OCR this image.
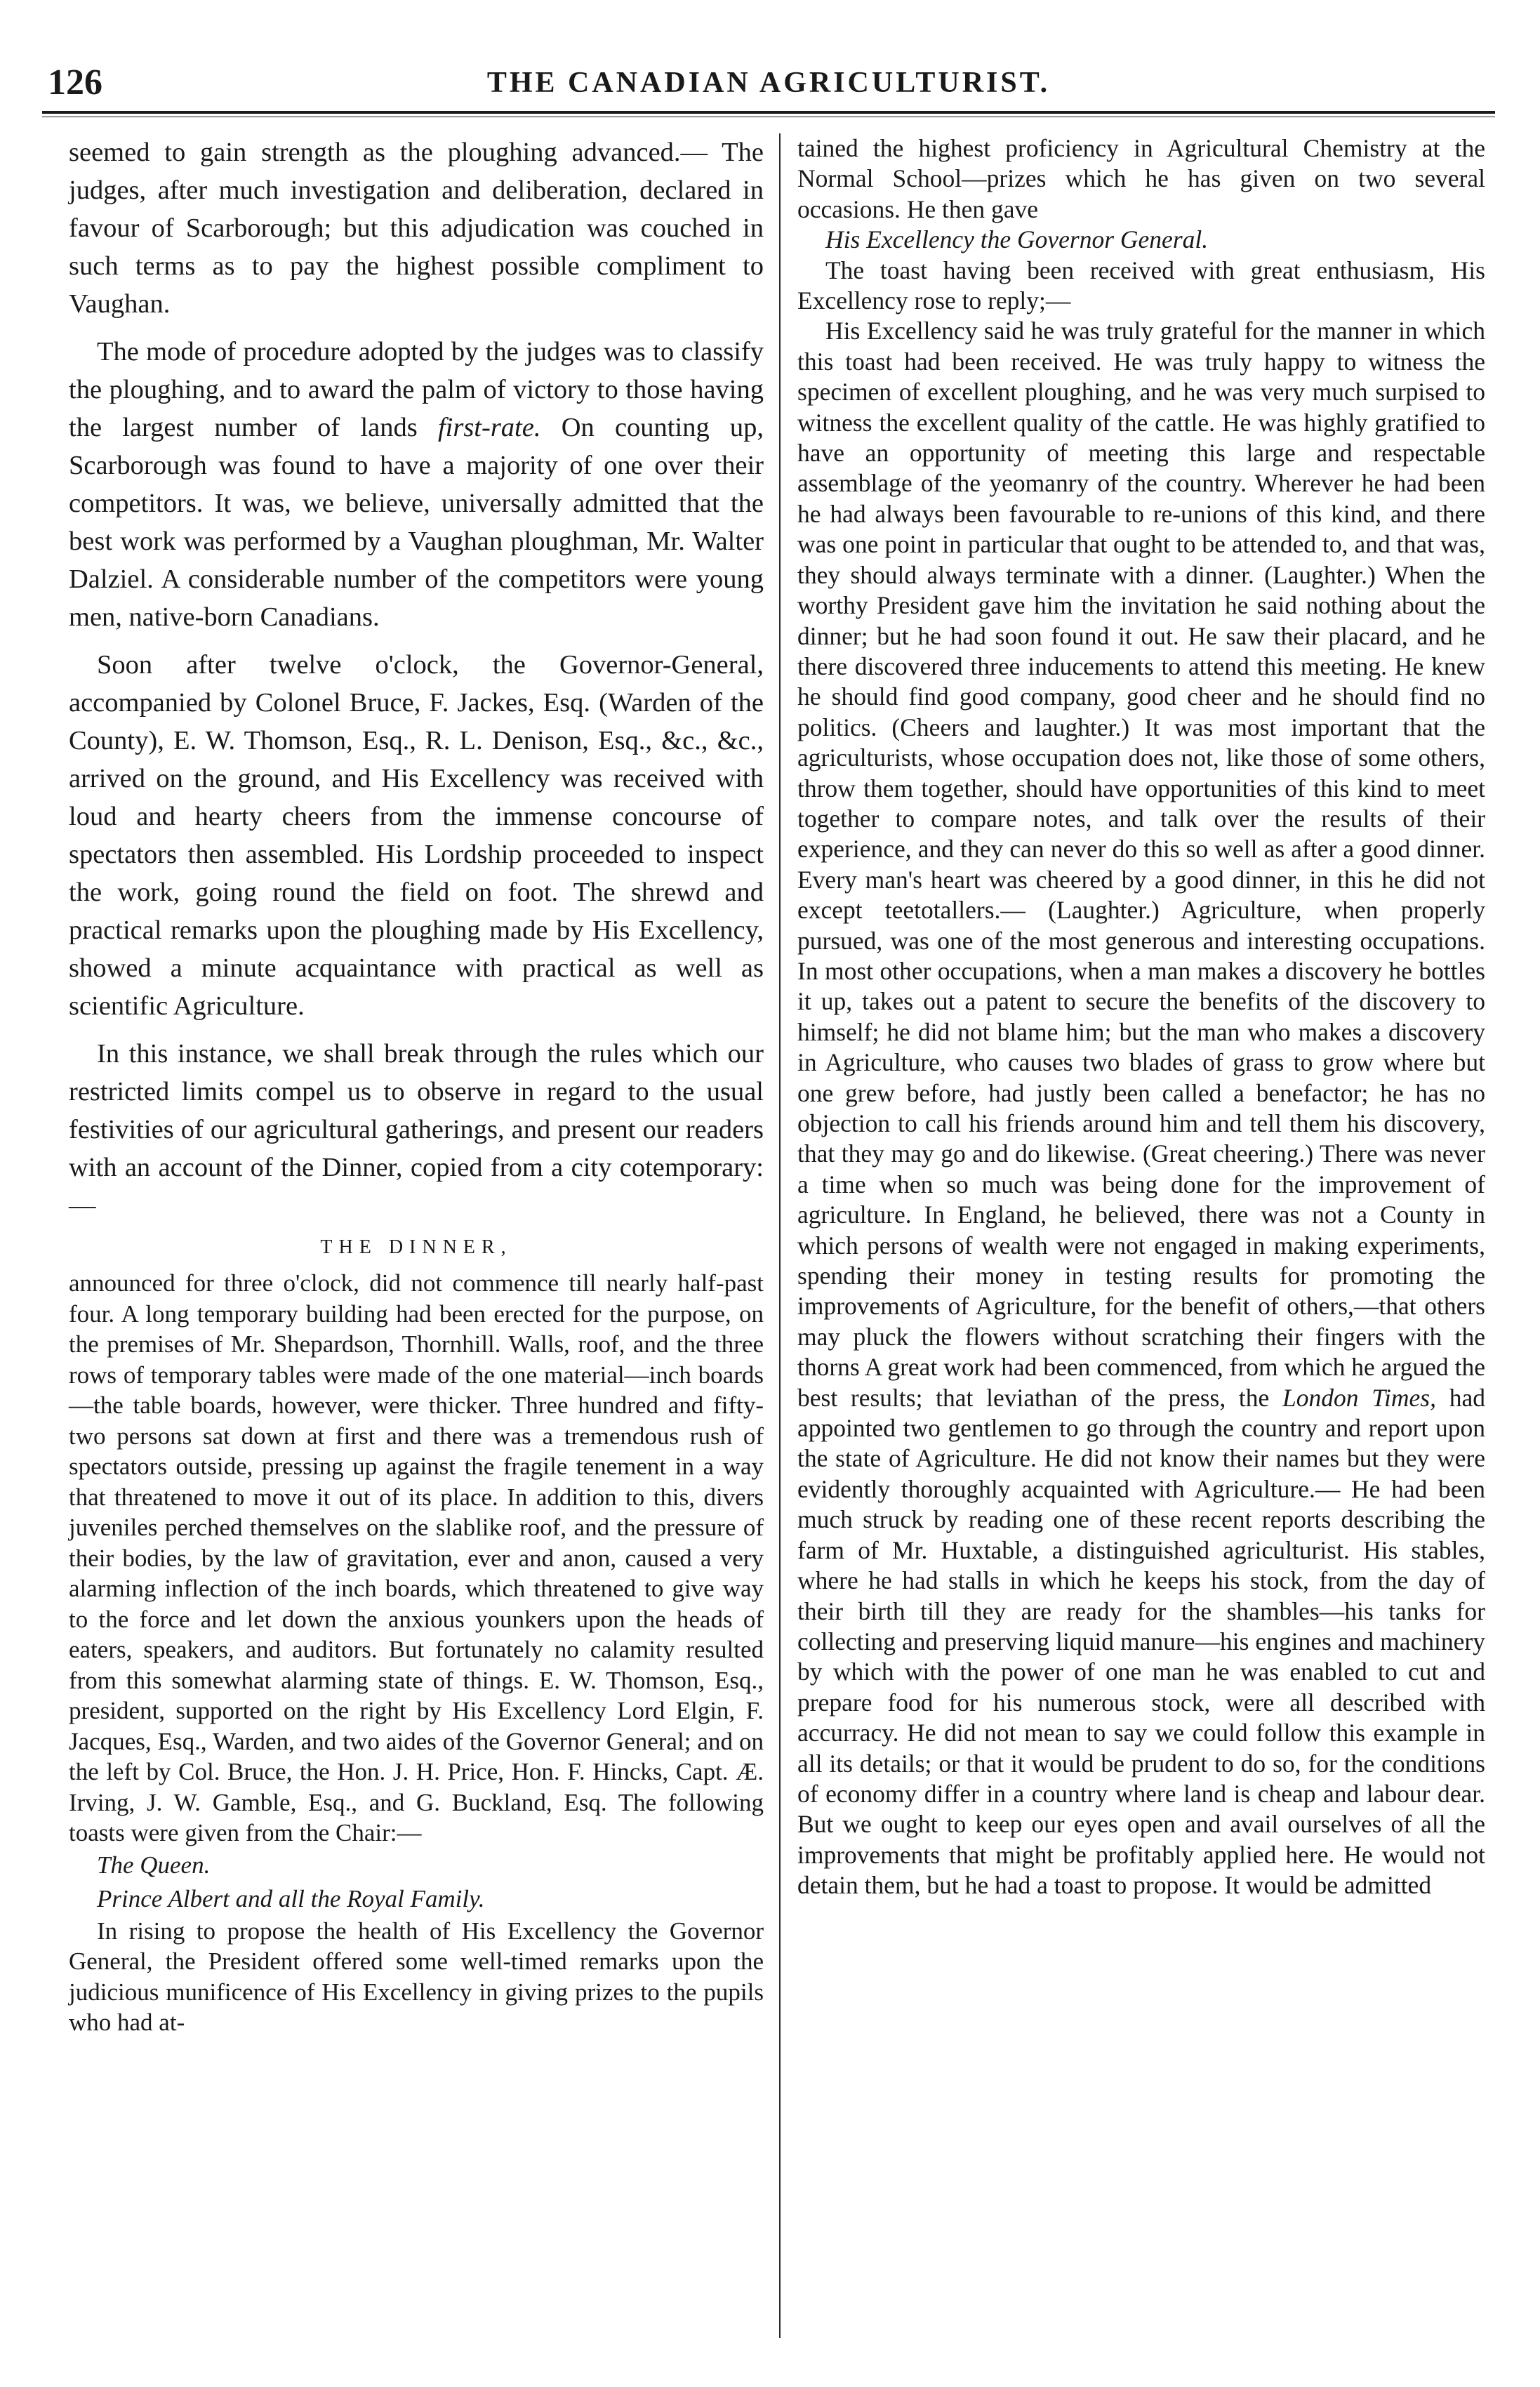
126	THE CANADIAN AGRICULTURIST.

seemed to gain strength as the ploughing advanced.— The judges, after much investigation and deliberation, declared in favour of Scarborough; but this adjudication was couched in such terms as to pay the highest possible compliment to Vaughan.

The mode of procedure adopted by the judges was to classify the ploughing, and to award the palm of victory to those having the largest number of lands first-rate. On counting up, Scarborough was found to have a majority of one over their competitors. It was, we believe, universally admitted that the best work was performed by a Vaughan ploughman, Mr. Walter Dalziel. A considerable number of the competitors were young men, native-born Canadians.

Soon after twelve o'clock, the Governor-General, accompanied by Colonel Bruce, F. Jackes, Esq. (Warden of the County), E. W. Thomson, Esq., R. L. Denison, Esq., &c., &c., arrived on the ground, and His Excellency was received with loud and hearty cheers from the immense concourse of spectators then assembled. His Lordship proceeded to inspect the work, going round the field on foot. The shrewd and practical remarks upon the ploughing made by His Excellency, showed a minute acquaintance with practical as well as scientific Agriculture.

In this instance, we shall break through the rules which our restricted limits compel us to observe in regard to the usual festivities of our agricultural gatherings, and present our readers with an account of the Dinner, copied from a city cotemporary:—

THE DINNER,

announced for three o'clock, did not commence till nearly half-past four. A long temporary building had been erected for the purpose, on the premises of Mr. Shepardson, Thornhill. Walls, roof, and the three rows of temporary tables were made of the one material—inch boards—the table boards, however, were thicker. Three hundred and fifty-two persons sat down at first and there was a tremendous rush of spectators outside, pressing up against the fragile tenement in a way that threatened to move it out of its place. In addition to this, divers juveniles perched themselves on the slablike roof, and the pressure of their bodies, by the law of gravitation, ever and anon, caused a very alarming inflection of the inch boards, which threatened to give way to the force and let down the anxious younkers upon the heads of eaters, speakers, and auditors. But fortunately no calamity resulted from this somewhat alarming state of things. E. W. Thomson, Esq., president, supported on the right by His Excellency Lord Elgin, F. Jacques, Esq., Warden, and two aides of the Governor General; and on the left by Col. Bruce, the Hon. J. H. Price, Hon. F. Hincks, Capt. Æ. Irving, J. W. Gamble, Esq., and G. Buckland, Esq. The following toasts were given from the Chair:—

The Queen.

Prince Albert and all the Royal Family.

In rising to propose the health of His Excellency the Governor General, the President offered some well-timed remarks upon the judicious munificence of His Excellency in giving prizes to the pupils who had at-

tained the highest proficiency in Agricultural Chemistry at the Normal School—prizes which he has given on two several occasions. He then gave

His Excellency the Governor General.

The toast having been received with great enthusiasm, His Excellency rose to reply;—

His Excellency said he was truly grateful for the manner in which this toast had been received. He was truly happy to witness the specimen of excellent ploughing, and he was very much surpised to witness the excellent quality of the cattle. He was highly gratified to have an opportunity of meeting this large and respectable assemblage of the yeomanry of the country. Wherever he had been he had always been favourable to re-unions of this kind, and there was one point in particular that ought to be attended to, and that was, they should always terminate with a dinner. (Laughter.) When the worthy President gave him the invitation he said nothing about the dinner; but he had soon found it out. He saw their placard, and he there discovered three inducements to attend this meeting. He knew he should find good company, good cheer and he should find no politics. (Cheers and laughter.) It was most important that the agriculturists, whose occupation does not, like those of some others, throw them together, should have opportunities of this kind to meet together to compare notes, and talk over the results of their experience, and they can never do this so well as after a good dinner. Every man's heart was cheered by a good dinner, in this he did not except teetotallers.— (Laughter.) Agriculture, when properly pursued, was one of the most generous and interesting occupations. In most other occupations, when a man makes a discovery he bottles it up, takes out a patent to secure the benefits of the discovery to himself; he did not blame him; but the man who makes a discovery in Agriculture, who causes two blades of grass to grow where but one grew before, had justly been called a benefactor; he has no objection to call his friends around him and tell them his discovery, that they may go and do likewise. (Great cheering.) There was never a time when so much was being done for the improvement of agriculture. In England, he believed, there was not a County in which persons of wealth were not engaged in making experiments, spending their money in testing results for promoting the improvements of Agriculture, for the benefit of others,—that others may pluck the flowers without scratching their fingers with the thorns A great work had been commenced, from which he argued the best results; that leviathan of the press, the London Times, had appointed two gentlemen to go through the country and report upon the state of Agriculture. He did not know their names but they were evidently thoroughly acquainted with Agriculture.— He had been much struck by reading one of these recent reports describing the farm of Mr. Huxtable, a distinguished agriculturist. His stables, where he had stalls in which he keeps his stock, from the day of their birth till they are ready for the shambles—his tanks for collecting and preserving liquid manure—his engines and machinery by which with the power of one man he was enabled to cut and prepare food for his numerous stock, were all described with accurracy. He did not mean to say we could follow this example in all its details; or that it would be prudent to do so, for the conditions of economy differ in a country where land is cheap and labour dear. But we ought to keep our eyes open and avail ourselves of all the improvements that might be profitably applied here. He would not detain them, but he had a toast to propose. It would be admitted
